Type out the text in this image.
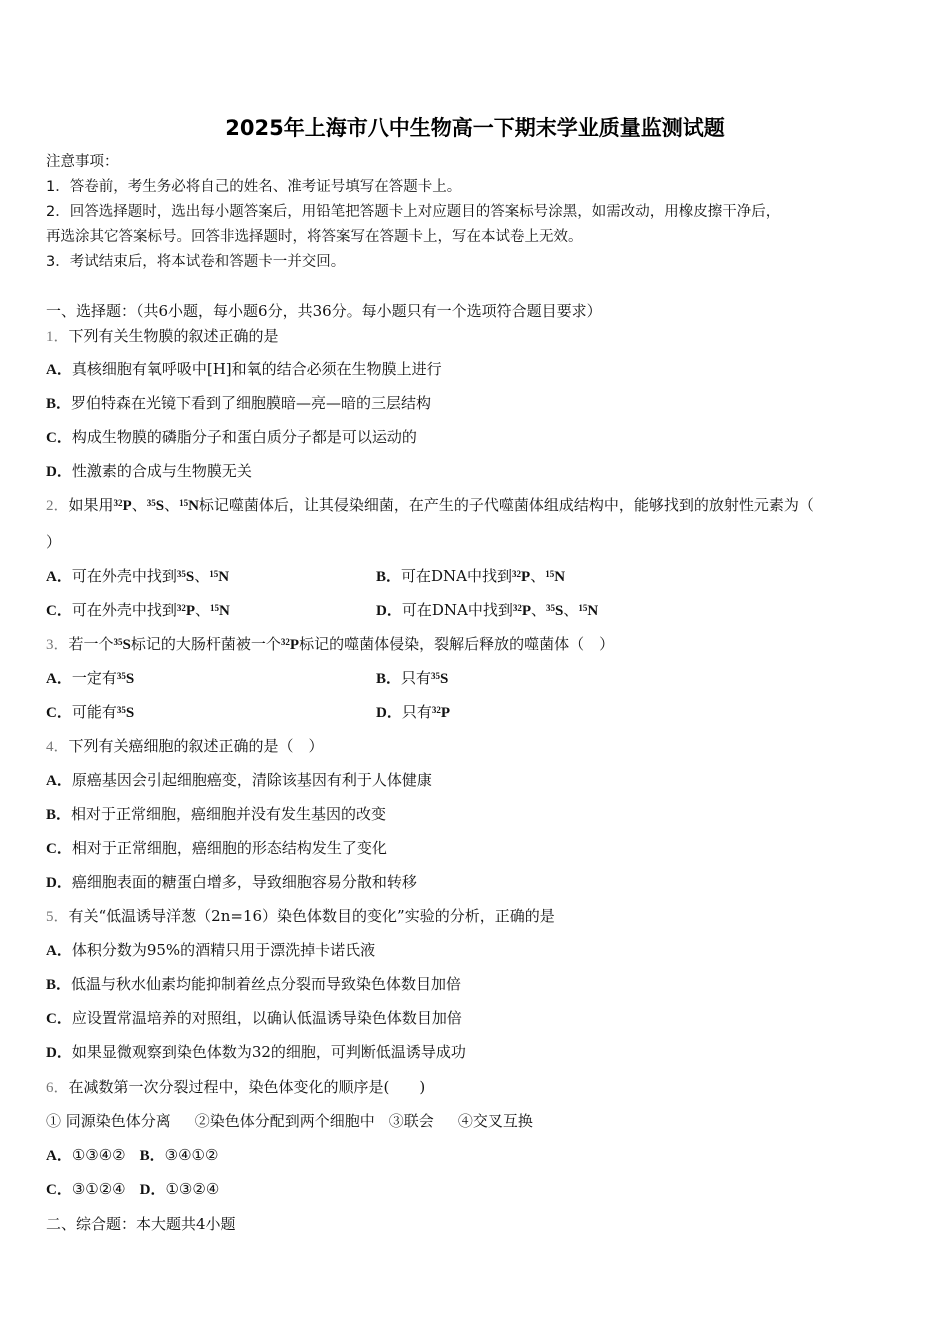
2025年上海市八中生物高一下期末学业质量监测试题
注意事项：
1．答卷前，考生务必将自己的姓名、准考证号填写在答题卡上。
2．回答选择题时，选出每小题答案后，用铅笔把答题卡上对应题目的答案标号涂黑，如需改动，用橡皮擦干净后，
再选涂其它答案标号。回答非选择题时，将答案写在答题卡上，写在本试卷上无效。
3．考试结束后，将本试卷和答题卡一并交回。
一、选择题：（共6小题，每小题6分，共36分。每小题只有一个选项符合题目要求）
1．下列有关生物膜的叙述正确的是
A．真核细胞有氧呼吸中[H]和氧的结合必须在生物膜上进行
B．罗伯特森在光镜下看到了细胞膜暗—亮—暗的三层结构
C．构成生物膜的磷脂分子和蛋白质分子都是可以运动的
D．性激素的合成与生物膜无关
2．如果用$^{32}$P、$^{35}$S、$^{15}$N标记噬菌体后，让其侵染细菌，在产生的子代噬菌体组成结构中，能够找到的放射性元素为（
）
A．可在外壳中找到$^{35}$S、$^{15}$N	B．可在DNA中找到$^{32}$P、$^{15}$N
C．可在外壳中找到$^{32}$P、$^{15}$N	D．可在DNA中找到$^{32}$P、$^{35}$S、$^{15}$N
3．若一个$^{35}$S标记的大肠杆菌被一个$^{32}$P标记的噬菌体侵染，裂解后释放的噬菌体（　）
A．一定有$^{35}$S	B．只有$^{35}$S
C．可能有$^{35}$S	D．只有$^{32}$P
4．下列有关癌细胞的叙述正确的是（　）
A．原癌基因会引起细胞癌变，清除该基因有利于人体健康
B．相对于正常细胞，癌细胞并没有发生基因的改变
C．相对于正常细胞，癌细胞的形态结构发生了变化
D．癌细胞表面的糖蛋白增多，导致细胞容易分散和转移
5．有关“低温诱导洋葱（2n=16）染色体数目的变化”实验的分析，正确的是
A．体积分数为95%的酒精只用于漂洗掉卡诺氏液
B．低温与秋水仙素均能抑制着丝点分裂而导致染色体数目加倍
C．应设置常温培养的对照组，以确认低温诱导染色体数目加倍
D．如果显微观察到染色体数为32的细胞，可判断低温诱导成功
6．在减数第一次分裂过程中，染色体变化的顺序是(　　)
① 同源染色体分离 ②染色体分配到两个细胞中 ③联会 ④交叉互换
A．①③④② B．③④①②
C．③①②④ D．①③②④
二、综合题：本大题共4小题
